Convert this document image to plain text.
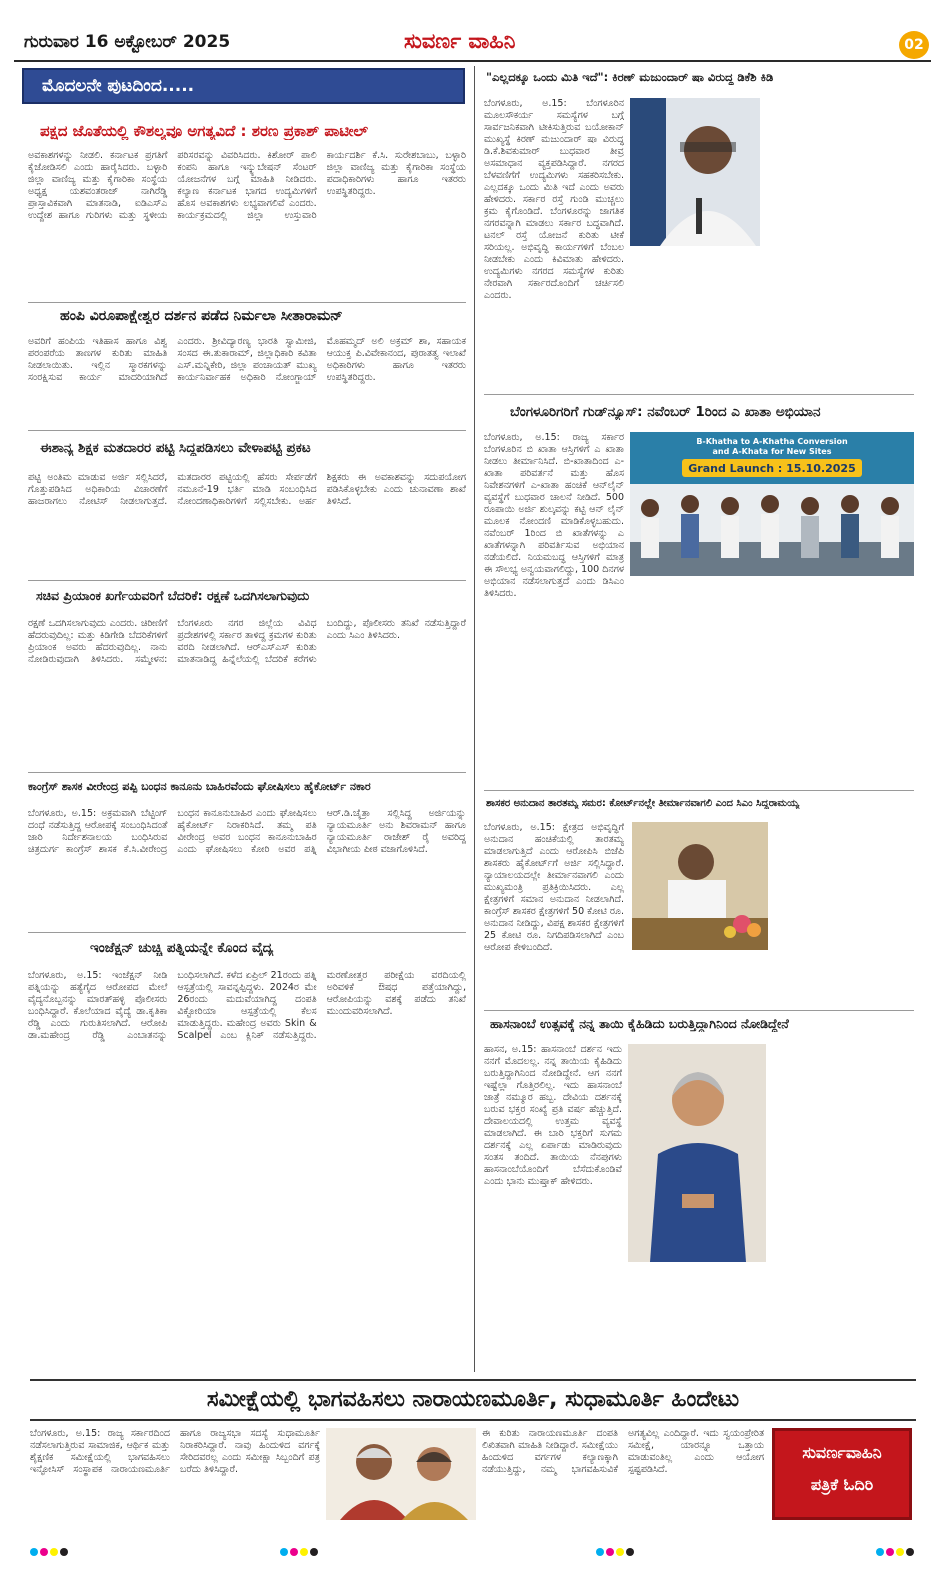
ಗುರುವಾರ 16 ಅಕ್ಟೋಬರ್ 2025	ಸುವರ್ಣ ವಾಹಿನಿ	02
ಮೊದಲನೇ ಪುಟದಿಂದ.....
ಪಕ್ಷದ ಜೊತೆಯಲ್ಲಿ ಕೌಶಲ್ಯವೂ ಅಗತ್ಯವಿದೆ : ಶರಣ ಪ್ರಕಾಶ್ ಪಾಟೀಲ್
ಅವಕಾಶಗಳನ್ನು ನೀಡಲಿ. ಕರ್ನಾಟಕ ಪ್ರಗತಿಗೆ ಕೈಜೋಡಿಸಲಿ ಎಂದು ಹಾರೈಸಿದರು. ಬಳ್ಳಾರಿ ಜಿಲ್ಲಾ ವಾಣಿಜ್ಯ ಮತ್ತು ಕೈಗಾರಿಕಾ ಸಂಸ್ಥೆಯ ಅಧ್ಯಕ್ಷ ಯಶವಂತರಾಜ್ ನಾಗಿರೆಡ್ಡಿ ಪ್ರಾಸ್ತಾವಿಕವಾಗಿ ಮಾತನಾಡಿ, ಐಡಿಎಸ್‌ಎ ಉದ್ದೇಶ ಹಾಗೂ ಗುರಿಗಳು ಮತ್ತು ಸ್ಥಳೀಯ ಪರಿಸರವನ್ನು ವಿವರಿಸಿದರು. ಕಿಶೋರ್ ಪಾಲಿ ಕಂಪನಿ ಹಾಗೂ ಇನ್ಕ್ಯುಬೇಷನ್ ಸೆಂಟರ್ ಯೋಜನೆಗಳ ಬಗ್ಗೆ ಮಾಹಿತಿ ನೀಡಿದರು. ಕಲ್ಯಾಣ ಕರ್ನಾಟಕ ಭಾಗದ ಉದ್ಯಮಿಗಳಿಗೆ ಹೊಸ ಅವಕಾಶಗಳು ಲಭ್ಯವಾಗಲಿವೆ ಎಂದರು. ಕಾರ್ಯಕ್ರಮದಲ್ಲಿ ಜಿಲ್ಲಾ ಉಸ್ತುವಾರಿ ಕಾರ್ಯದರ್ಶಿ ಕೆ.ಸಿ. ಸುರೇಶಬಾಬು, ಬಳ್ಳಾರಿ ಜಿಲ್ಲಾ ವಾಣಿಜ್ಯ ಮತ್ತು ಕೈಗಾರಿಕಾ ಸಂಸ್ಥೆಯ ಪದಾಧಿಕಾರಿಗಳು ಹಾಗೂ ಇತರರು ಉಪಸ್ಥಿತರಿದ್ದರು.
ಹಂಪಿ ವಿರೂಪಾಕ್ಷೇಶ್ವರ ದರ್ಶನ ಪಡೆದ ನಿರ್ಮಲಾ ಸೀತಾರಾಮನ್
ಅವರಿಗೆ ಹಂಪಿಯ ಇತಿಹಾಸ ಹಾಗೂ ವಿಶ್ವ ಪರಂಪರೆಯ ತಾಣಗಳ ಕುರಿತು ಮಾಹಿತಿ ನೀಡಲಾಯಿತು. ಇಲ್ಲಿನ ಸ್ಮಾರಕಗಳನ್ನು ಸಂರಕ್ಷಿಸುವ ಕಾರ್ಯ ಮಾದರಿಯಾಗಿದೆ ಎಂದರು. ಶ್ರೀವಿದ್ಯಾರಣ್ಯ ಭಾರತಿ ಸ್ವಾಮೀಜಿ, ಸಂಸದ ಈ.ತುಕಾರಾಮ್, ಜಿಲ್ಲಾಧಿಕಾರಿ ಕವಿತಾ ಎಸ್.ಮನ್ನಿಕೇರಿ, ಜಿಲ್ಲಾ ಪಂಚಾಯತ್ ಮುಖ್ಯ ಕಾರ್ಯನಿರ್ವಾಹಕ ಅಧಿಕಾರಿ ನೋಂಗ್ಜಾಯ್ ಮೊಹಮ್ಮದ್ ಅಲಿ ಅಕ್ರಮ್ ಶಾ, ಸಹಾಯಕ ಆಯುಕ್ತ ಪಿ.ವಿವೇಕಾನಂದ, ಪುರಾತತ್ವ ಇಲಾಖೆ ಅಧಿಕಾರಿಗಳು ಹಾಗೂ ಇತರರು ಉಪಸ್ಥಿತರಿದ್ದರು.
ಈಶಾನ್ಯ ಶಿಕ್ಷಕ ಮತದಾರರ ಪಟ್ಟಿ ಸಿದ್ದಪಡಿಸಲು ವೇಳಾಪಟ್ಟಿ ಪ್ರಕಟ
ಪಟ್ಟಿ ಅಂತಿಮ ಮಾಡುವ ಅರ್ಜಿ ಸಲ್ಲಿಸಿದರೆ, ಗೊತ್ತುಪಡಿಸಿದ ಅಧಿಕಾರಿಯ ವಿಚಾರಣೆಗೆ ಹಾಜರಾಗಲು ನೋಟಿಸ್ ನೀಡಲಾಗುತ್ತದೆ. ಮತದಾರರ ಪಟ್ಟಿಯಲ್ಲಿ ಹೆಸರು ಸೇರ್ಪಡೆಗೆ ನಮೂನೆ-19 ಭರ್ತಿ ಮಾಡಿ ಸಂಬಂಧಿಸಿದ ನೋಂದಣಾಧಿಕಾರಿಗಳಿಗೆ ಸಲ್ಲಿಸಬೇಕು. ಅರ್ಹ ಶಿಕ್ಷಕರು ಈ ಅವಕಾಶವನ್ನು ಸದುಪಯೋಗ ಪಡಿಸಿಕೊಳ್ಳಬೇಕು ಎಂದು ಚುನಾವಣಾ ಶಾಖೆ ತಿಳಿಸಿದೆ.
ಸಚಿವ ಪ್ರಿಯಾಂಕ ಖರ್ಗೆಯವರಿಗೆ ಬೆದರಿಕೆ: ರಕ್ಷಣೆ ಒದಗಿಸಲಾಗುವುದು
ರಕ್ಷಣೆ ಒದಗಿಸಲಾಗುವುದು ಎಂದರು. ಚಿರೀಣಿಗೆ ಹೆದರುವುದಿಲ್ಲ: ಮತ್ತು ಕಿಡಿಗೇಡಿ ಬೆದರಿಕೆಗಳಿಗೆ ಪ್ರಿಯಾಂಕ ಅವರು ಹೆದರುವುದಿಲ್ಲ. ನಾನು ನೋಡಿರುವುದಾಗಿ ತಿಳಿಸಿದರು. ಸಮ್ಮೇಳನ: ಬೆಂಗಳೂರು ನಗರ ಜಿಲ್ಲೆಯ ವಿವಿಧ ಪ್ರದೇಶಗಳಲ್ಲಿ ಸರ್ಕಾರ ತಾಳಿದ್ದ ಕ್ರಮಗಳ ಕುರಿತು ವರದಿ ನೀಡಲಾಗಿದೆ. ಆರ್‌ಎಸ್‌ಎಸ್ ಕುರಿತು ಮಾತನಾಡಿದ್ದ ಹಿನ್ನೆಲೆಯಲ್ಲಿ ಬೆದರಿಕೆ ಕರೆಗಳು ಬಂದಿದ್ದು, ಪೊಲೀಸರು ತನಿಖೆ ನಡೆಸುತ್ತಿದ್ದಾರೆ ಎಂದು ಸಿಎಂ ತಿಳಿಸಿದರು.
ಕಾಂಗ್ರೆಸ್ ಶಾಸಕ ವೀರೇಂದ್ರ ಪಪ್ಪಿ ಬಂಧನ ಕಾನೂನು ಬಾಹಿರವೆಂದು ಘೋಷಿಸಲು ಹೈಕೋರ್ಟ್ ನಕಾರ
ಬೆಂಗಳೂರು, ಅ.15: ಅಕ್ರಮವಾಗಿ ಬೆಟ್ಟಿಂಗ್ ದಂಧೆ ನಡೆಸುತ್ತಿದ್ದ ಆರೋಪಕ್ಕೆ ಸಂಬಂಧಿಸಿದಂತೆ ಜಾರಿ ನಿರ್ದೇಶನಾಲಯ ಬಂಧಿಸಿರುವ ಚಿತ್ರದುರ್ಗ ಕಾಂಗ್ರೆಸ್ ಶಾಸಕ ಕೆ.ಸಿ.ವೀರೇಂದ್ರ ಬಂಧನ ಕಾನೂನುಬಾಹಿರ ಎಂದು ಘೋಷಿಸಲು ಹೈಕೋರ್ಟ್ ನಿರಾಕರಿಸಿದೆ. ತಮ್ಮ ಪತಿ ವೀರೇಂದ್ರ ಅವರ ಬಂಧನ ಕಾನೂನುಬಾಹಿರ ಎಂದು ಘೋಷಿಸಲು ಕೋರಿ ಅವರ ಪತ್ನಿ ಆರ್.ಡಿ.ಚೈತ್ರಾ ಸಲ್ಲಿಸಿದ್ದ ಅರ್ಜಿಯನ್ನು ನ್ಯಾಯಮೂರ್ತಿ ಅನು ಶಿವರಾಮನ್ ಹಾಗೂ ನ್ಯಾಯಮೂರ್ತಿ ರಾಜೇಶ್ ರೈ ಅವರಿದ್ದ ವಿಭಾಗೀಯ ಪೀಠ ವಜಾಗೊಳಿಸಿದೆ.
ಇಂಜೆಕ್ಷನ್ ಚುಚ್ಚಿ ಪತ್ನಿಯನ್ನೇ ಕೊಂದ ವೈದ್ಯ
ಬೆಂಗಳೂರು, ಅ.15: ಇಂಜೆಕ್ಷನ್ ನೀಡಿ ಪತ್ನಿಯನ್ನು ಹತ್ಯೆಗೈದ ಆರೋಪದ ಮೇಲೆ ವೈದ್ಯನೊಬ್ಬನನ್ನು ಮಾರತ್‌ಹಳ್ಳಿ ಪೊಲೀಸರು ಬಂಧಿಸಿದ್ದಾರೆ. ಕೊಲೆಯಾದ ವೈದ್ಯೆ ಡಾ.ಕೃತಿಕಾ ರೆಡ್ಡಿ ಎಂದು ಗುರುತಿಸಲಾಗಿದೆ. ಆರೋಪಿ ಡಾ.ಮಹೇಂದ್ರ ರೆಡ್ಡಿ ಎಂಬಾತನನ್ನು ಬಂಧಿಸಲಾಗಿದೆ. ಕಳೆದ ಏಪ್ರಿಲ್ 21ರಂದು ಪತ್ನಿ ಆಸ್ಪತ್ರೆಯಲ್ಲಿ ಸಾವನ್ನಪ್ಪಿದ್ದಳು. 2024ರ ಮೇ 26ರಂದು ಮದುವೆಯಾಗಿದ್ದ ದಂಪತಿ ವಿಕ್ಟೋರಿಯಾ ಆಸ್ಪತ್ರೆಯಲ್ಲಿ ಕೆಲಸ ಮಾಡುತ್ತಿದ್ದರು. ಮಹೇಂದ್ರ ಅವರು Skin & Scalpel ಎಂಬ ಕ್ಲಿನಿಕ್ ನಡೆಸುತ್ತಿದ್ದರು. ಮರಣೋತ್ತರ ಪರೀಕ್ಷೆಯ ವರದಿಯಲ್ಲಿ ಅರಿವಳಿಕೆ ಔಷಧ ಪತ್ತೆಯಾಗಿದ್ದು, ಆರೋಪಿಯನ್ನು ವಶಕ್ಕೆ ಪಡೆದು ತನಿಖೆ ಮುಂದುವರಿಸಲಾಗಿದೆ.
"ಎಲ್ಲದಕ್ಕೂ ಒಂದು ಮಿತಿ ಇದೆ": ಕಿರಣ್ ಮಜುಂದಾರ್ ಷಾ ವಿರುದ್ಧ ಡಿಕೆಶಿ ಕಿಡಿ
ಬೆಂಗಳೂರು, ಅ.15: ಬೆಂಗಳೂರಿನ ಮೂಲಸೌಕರ್ಯ ಸಮಸ್ಯೆಗಳ ಬಗ್ಗೆ ಸಾರ್ವಜನಿಕವಾಗಿ ಟೀಕಿಸುತ್ತಿರುವ ಬಯೋಕಾನ್ ಮುಖ್ಯಸ್ಥೆ ಕಿರಣ್ ಮಜುಂದಾರ್ ಷಾ ವಿರುದ್ಧ ಡಿ.ಕೆ.ಶಿವಕುಮಾರ್ ಬುಧವಾರ ತೀವ್ರ ಅಸಮಾಧಾನ ವ್ಯಕ್ತಪಡಿಸಿದ್ದಾರೆ. ನಗರದ ಬೆಳವಣಿಗೆಗೆ ಉದ್ಯಮಿಗಳು ಸಹಕರಿಸಬೇಕು. ಎಲ್ಲದಕ್ಕೂ ಒಂದು ಮಿತಿ ಇದೆ ಎಂದು ಅವರು ಹೇಳಿದರು. ಸರ್ಕಾರ ರಸ್ತೆ ಗುಂಡಿ ಮುಚ್ಚಲು ಕ್ರಮ ಕೈಗೊಂಡಿದೆ. ಬೆಂಗಳೂರನ್ನು ಜಾಗತಿಕ ನಗರವನ್ನಾಗಿ ಮಾಡಲು ಸರ್ಕಾರ ಬದ್ಧವಾಗಿದೆ. ಟನಲ್ ರಸ್ತೆ ಯೋಜನೆ ಕುರಿತು ಟೀಕೆ ಸರಿಯಲ್ಲ. ಅಭಿವೃದ್ಧಿ ಕಾರ್ಯಗಳಿಗೆ ಬೆಂಬಲ ನೀಡಬೇಕು ಎಂದು ಕಿವಿಮಾತು ಹೇಳಿದರು. ಉದ್ಯಮಿಗಳು ನಗರದ ಸಮಸ್ಯೆಗಳ ಕುರಿತು ನೇರವಾಗಿ ಸರ್ಕಾರದೊಂದಿಗೆ ಚರ್ಚಿಸಲಿ ಎಂದರು.
ಬೆಂಗಳೂರಿಗರಿಗೆ ಗುಡ್‌ನ್ಯೂಸ್: ನವೆಂಬರ್ 1ರಿಂದ ಎ ಖಾತಾ ಅಭಿಯಾನ
ಬೆಂಗಳೂರು, ಅ.15: ರಾಜ್ಯ ಸರ್ಕಾರ ಬೆಂಗಳೂರಿನ ಬಿ ಖಾತಾ ಆಸ್ತಿಗಳಿಗೆ ಎ ಖಾತಾ ನೀಡಲು ತೀರ್ಮಾನಿಸಿದೆ. ಬಿ-ಖಾತಾದಿಂದ ಎ-ಖಾತಾ ಪರಿವರ್ತನೆ ಮತ್ತು ಹೊಸ ನಿವೇಶನಗಳಿಗೆ ಎ-ಖಾತಾ ಹಂಚಿಕೆ ಆನ್‌ಲೈನ್ ವ್ಯವಸ್ಥೆಗೆ ಬುಧವಾರ ಚಾಲನೆ ನೀಡಿದೆ. 500 ರೂಪಾಯಿ ಅರ್ಜಿ ಶುಲ್ಕವನ್ನು ಕಟ್ಟಿ ಆನ್ ಲೈನ್ ಮೂಲಕ ನೋಂದಣಿ ಮಾಡಿಕೊಳ್ಳಬಹುದು. ನವೆಂಬರ್ 1ರಿಂದ ಬಿ ಖಾತೆಗಳನ್ನು ಎ ಖಾತೆಗಳನ್ನಾಗಿ ಪರಿವರ್ತಿಸುವ ಅಭಿಯಾನ ನಡೆಯಲಿದೆ. ನಿಯಮಬದ್ಧ ಆಸ್ತಿಗಳಿಗೆ ಮಾತ್ರ ಈ ಸೌಲಭ್ಯ ಅನ್ವಯವಾಗಲಿದ್ದು, 100 ದಿನಗಳ ಅಭಿಯಾನ ನಡೆಸಲಾಗುತ್ತದೆ ಎಂದು ಡಿಸಿಎಂ ತಿಳಿಸಿದರು.
B-Khatha to A-Khatha Conversion
and A-Khata for New Sites
Grand Launch : 15.10.2025
ಶಾಸಕರ ಅನುದಾನ ತಾರತಮ್ಯ ಸಮರ: ಕೋರ್ಟ್‌ನಲ್ಲೇ ತೀರ್ಮಾನವಾಗಲಿ ಎಂದ ಸಿಎಂ ಸಿದ್ದರಾಮಯ್ಯ
ಬೆಂಗಳೂರು, ಅ.15: ಕ್ಷೇತ್ರದ ಅಭಿವೃದ್ಧಿಗೆ ಅನುದಾನ ಹಂಚಿಕೆಯಲ್ಲಿ ತಾರತಮ್ಯ ಮಾಡಲಾಗುತ್ತಿದೆ ಎಂದು ಆರೋಪಿಸಿ ಬಿಜೆಪಿ ಶಾಸಕರು ಹೈಕೋರ್ಟ್‌ಗೆ ಅರ್ಜಿ ಸಲ್ಲಿಸಿದ್ದಾರೆ. ನ್ಯಾಯಾಲಯದಲ್ಲೇ ತೀರ್ಮಾನವಾಗಲಿ ಎಂದು ಮುಖ್ಯಮಂತ್ರಿ ಪ್ರತಿಕ್ರಿಯಿಸಿದರು. ಎಲ್ಲ ಕ್ಷೇತ್ರಗಳಿಗೆ ಸಮಾನ ಅನುದಾನ ನೀಡಲಾಗಿದೆ. ಕಾಂಗ್ರೆಸ್ ಶಾಸಕರ ಕ್ಷೇತ್ರಗಳಿಗೆ 50 ಕೋಟಿ ರೂ. ಅನುದಾನ ನೀಡಿದ್ದು, ವಿಪಕ್ಷ ಶಾಸಕರ ಕ್ಷೇತ್ರಗಳಿಗೆ 25 ಕೋಟಿ ರೂ. ನಿಗದಿಪಡಿಸಲಾಗಿದೆ ಎಂಬ ಆರೋಪ ಕೇಳಿಬಂದಿದೆ.
ಹಾಸನಾಂಬೆ ಉತ್ಸವಕ್ಕೆ ನನ್ನ ತಾಯಿ ಕೈಹಿಡಿದು ಬರುತ್ತಿದ್ದಾಗಿನಿಂದ ನೋಡಿದ್ದೇನೆ
ಹಾಸನ, ಅ.15: ಹಾಸನಾಂಬೆ ದರ್ಶನ ಇದು ನನಗೆ ಮೊದಲಲ್ಲ. ನನ್ನ ತಾಯಿಯ ಕೈಹಿಡಿದು ಬರುತ್ತಿದ್ದಾಗಿನಿಂದ ನೋಡಿದ್ದೇನೆ. ಆಗ ನನಗೆ ಇಷ್ಟೆಲ್ಲಾ ಗೊತ್ತಿರಲಿಲ್ಲ. ಇದು ಹಾಸನಾಂಬೆ ಜಾತ್ರೆ ನಮ್ಮೂರ ಹಬ್ಬ. ದೇವಿಯ ದರ್ಶನಕ್ಕೆ ಬರುವ ಭಕ್ತರ ಸಂಖ್ಯೆ ಪ್ರತಿ ವರ್ಷ ಹೆಚ್ಚುತ್ತಿದೆ. ದೇವಾಲಯದಲ್ಲಿ ಉತ್ತಮ ವ್ಯವಸ್ಥೆ ಮಾಡಲಾಗಿದೆ. ಈ ಬಾರಿ ಭಕ್ತರಿಗೆ ಸುಗಮ ದರ್ಶನಕ್ಕೆ ಎಲ್ಲ ಏರ್ಪಾಡು ಮಾಡಿರುವುದು ಸಂತಸ ತಂದಿದೆ. ತಾಯಿಯ ನೆನಪುಗಳು ಹಾಸನಾಂಬೆಯೊಂದಿಗೆ ಬೆಸೆದುಕೊಂಡಿವೆ ಎಂದು ಭಾನು ಮುಷ್ತಾಕ್ ಹೇಳಿದರು.
ಸಮೀಕ್ಷೆಯಲ್ಲಿ ಭಾಗವಹಿಸಲು ನಾರಾಯಣಮೂರ್ತಿ, ಸುಧಾಮೂರ್ತಿ ಹಿಂದೇಟು
ಬೆಂಗಳೂರು, ಅ.15: ರಾಜ್ಯ ಸರ್ಕಾರದಿಂದ ನಡೆಸಲಾಗುತ್ತಿರುವ ಸಾಮಾಜಿಕ, ಆರ್ಥಿಕ ಮತ್ತು ಶೈಕ್ಷಣಿಕ ಸಮೀಕ್ಷೆಯಲ್ಲಿ ಭಾಗವಹಿಸಲು ಇನ್ಫೋಸಿಸ್ ಸಂಸ್ಥಾಪಕ ನಾರಾಯಣಮೂರ್ತಿ ಹಾಗೂ ರಾಜ್ಯಸಭಾ ಸದಸ್ಯೆ ಸುಧಾಮೂರ್ತಿ ನಿರಾಕರಿಸಿದ್ದಾರೆ. ನಾವು ಹಿಂದುಳಿದ ವರ್ಗಕ್ಕೆ ಸೇರಿದವರಲ್ಲ ಎಂದು ಸಮೀಕ್ಷಾ ಸಿಬ್ಬಂದಿಗೆ ಪತ್ರ ಬರೆದು ತಿಳಿಸಿದ್ದಾರೆ.
ಈ ಕುರಿತು ನಾರಾಯಣಮೂರ್ತಿ ದಂಪತಿ ಲಿಖಿತವಾಗಿ ಮಾಹಿತಿ ನೀಡಿದ್ದಾರೆ. ಸಮೀಕ್ಷೆಯು ಹಿಂದುಳಿದ ವರ್ಗಗಳ ಕಲ್ಯಾಣಕ್ಕಾಗಿ ನಡೆಯುತ್ತಿದ್ದು, ನಮ್ಮ ಭಾಗವಹಿಸುವಿಕೆ ಅಗತ್ಯವಿಲ್ಲ ಎಂದಿದ್ದಾರೆ. ಇದು ಸ್ವಯಂಪ್ರೇರಿತ ಸಮೀಕ್ಷೆ, ಯಾರನ್ನೂ ಒತ್ತಾಯ ಮಾಡುವಂತಿಲ್ಲ ಎಂದು ಆಯೋಗ ಸ್ಪಷ್ಟಪಡಿಸಿದೆ.
ಸುವರ್ಣವಾಹಿನಿ
ಪತ್ರಿಕೆ ಓದಿರಿ
